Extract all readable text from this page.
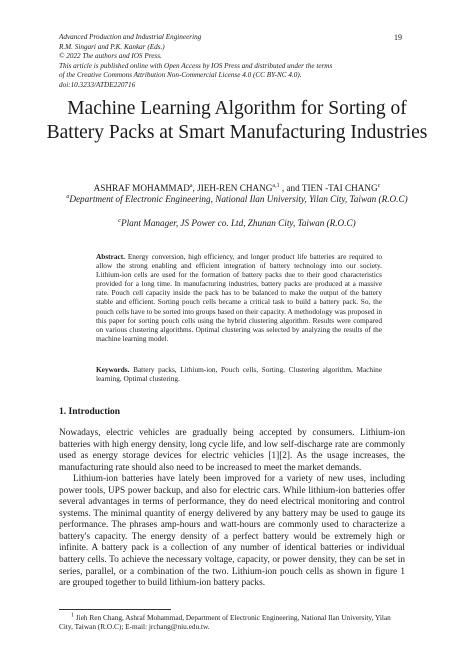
Advanced Production and Industrial Engineering
R.M. Singari and P.K. Kankar (Eds.)
© 2022 The authors and IOS Press.
This article is published online with Open Access by IOS Press and distributed under the terms
of the Creative Commons Attribution Non-Commercial License 4.0 (CC BY-NC 4.0).
doi:10.3233/ATDE220716
19
Machine Learning Algorithm for Sorting of Battery Packs at Smart Manufacturing Industries
ASHRAF MOHAMMAD$^a$, JIEH-REN CHANG$^{a,1}$ , and TIEN -TAI CHANG$^c$
$^a$Department of Electronic Engineering, National Ilan University, Yilan City, Taiwan (R.O.C)
$^c$Plant Manager, JS Power co. Ltd, Zhunan City, Taiwan (R.O.C)
Abstract. Energy conversion, high efficiency, and longer product life batteries are required to allow the strong enabling and efficient integration of battery technology into our society. Lithium-ion cells are used for the formation of battery packs due to their good characteristics provided for a long time. In manufacturing industries, battery packs are produced at a massive rate. Pouch cell capacity inside the pack has to be balanced to make the output of the battery stable and efficient. Sorting pouch cells became a critical task to build a battery pack. So, the pouch cells have to be sorted into groups based on their capacity. A methodology was proposed in this paper for sorting pouch cells using the hybrid clustering algorithm. Results were compared on various clustering algorithms. Optimal clustering was selected by analyzing the results of the machine learning model.
Keywords. Battery packs, Lithium-ion, Pouch cells, Sorting, Clustering algorithm, Machine learning, Optimal clustering.
1. Introduction

Nowadays, electric vehicles are gradually being accepted by consumers. Lithium-ion batteries with high energy density, long cycle life, and low self-discharge rate are commonly used as energy storage devices for electric vehicles [1][2]. As the usage increases, the manufacturing rate should also need to be increased to meet the market demands.

Lithium-ion batteries have lately been improved for a variety of new uses, including power tools, UPS power backup, and also for electric cars. While lithium-ion batteries offer several advantages in terms of performance, they do need electrical monitoring and control systems. The minimal quantity of energy delivered by any battery may be used to gauge its performance. The phrases amp-hours and watt-hours are commonly used to characterize a battery's capacity. The energy density of a perfect battery would be extremely high or infinite. A battery pack is a collection of any number of identical batteries or individual battery cells. To achieve the necessary voltage, capacity, or power density, they can be set in series, parallel, or a combination of the two. Lithium-ion pouch cells as shown in figure 1 are grouped together to build lithium-ion battery packs.

$^1$ Jieh Ren Chang, Ashraf Mohammad, Department of Electronic Engineering, National Ilan University, Yilan City, Taiwan (R.O.C); E-mail: jrchang@niu.edu.tw.
